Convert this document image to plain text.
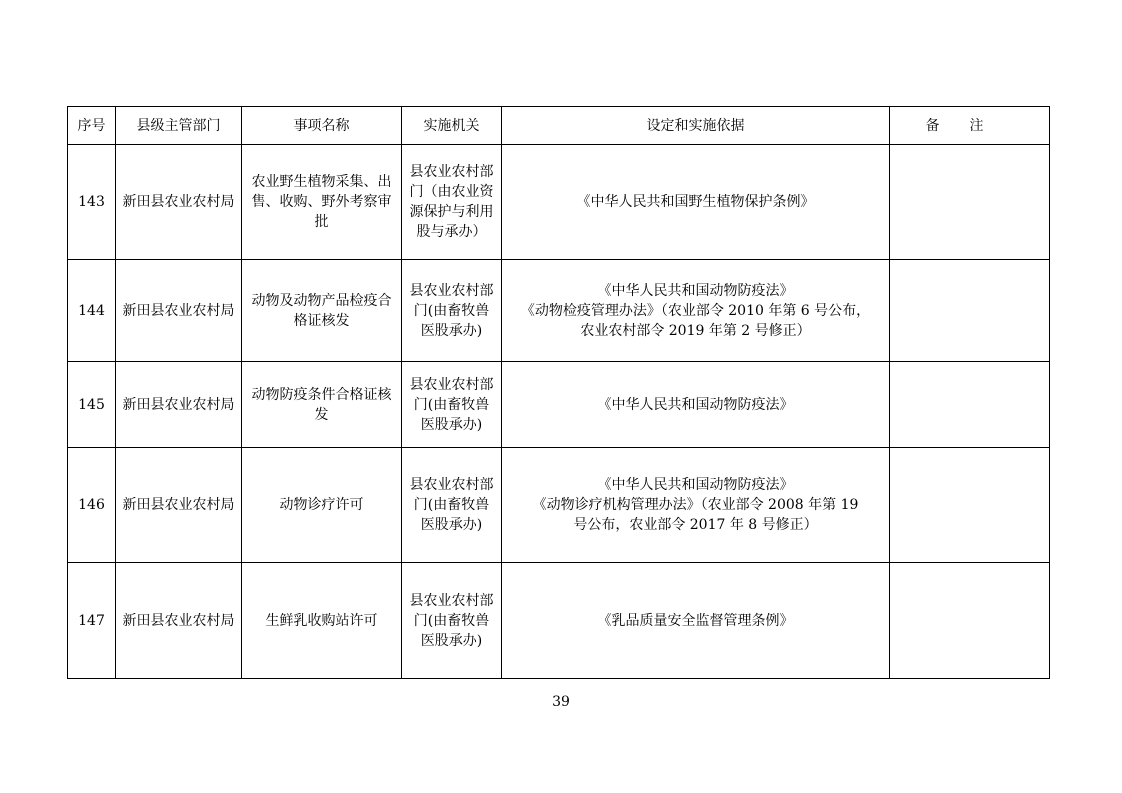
序号	县级主管部门	事项名称	实施机关	设定和实施依据	备注
143	新田县农业农村局	农业野生植物采集、出售、收购、野外考察审批	县农业农村部门（由农业资源保护与利用股与承办）	《中华人民共和国野生植物保护条例》	

144	新田县农业农村局	动物及动物产品检疫合格证核发	县农业农村部门(由畜牧兽医股承办)	《中华人民共和国动物防疫法》
《动物检疫管理办法》（农业部令 2010 年第 6 号公布，
农业农村部令 2019 年第 2 号修正）	

145	新田县农业农村局	动物防疫条件合格证核发	县农业农村部门(由畜牧兽医股承办)	《中华人民共和国动物防疫法》	

146	新田县农业农村局	动物诊疗许可	县农业农村部门(由畜牧兽医股承办)	《中华人民共和国动物防疫法》
《动物诊疗机构管理办法》（农业部令 2008 年第 19
号公布，农业部令 2017 年 8 号修正）	

147	新田县农业农村局	生鲜乳收购站许可	县农业农村部门(由畜牧兽医股承办)	《乳品质量安全监督管理条例》	

39
